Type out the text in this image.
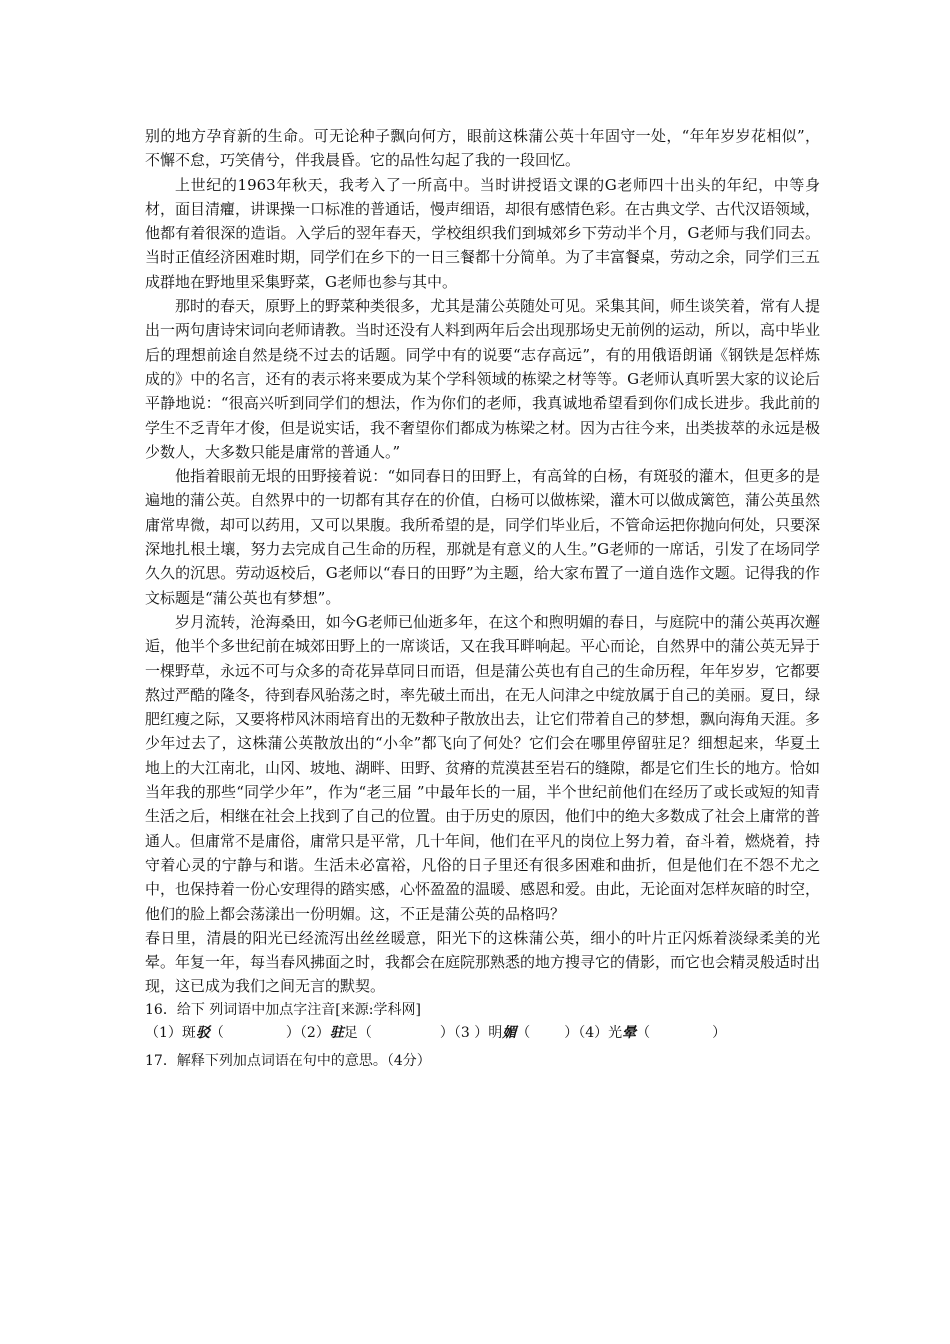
别的地方孕育新的生命。可无论种子飘向何方，眼前这株蒲公英十年固守一处，“年年岁岁花相似”，不懈不怠，巧笑倩兮，伴我晨昏。它的品性勾起了我的一段回忆。

上世纪的1963年秋天，我考入了一所高中。当时讲授语文课的G老师四十出头的年纪，中等身材，面目清癯，讲课操一口标准的普通话，慢声细语，却很有感情色彩。在古典文学、古代汉语领域，他都有着很深的造诣。入学后的翌年春天，学校组织我们到城郊乡下劳动半个月，G老师与我们同去。当时正值经济困难时期，同学们在乡下的一日三餐都十分简单。为了丰富餐桌，劳动之余，同学们三五成群地在野地里采集野菜，G老师也参与其中。

那时的春天，原野上的野菜种类很多，尤其是蒲公英随处可见。采集其间，师生谈笑着，常有人提出一两句唐诗宋词向老师请教。当时还没有人料到两年后会出现那场史无前例的运动，所以，高中毕业后的理想前途自然是绕不过去的话题。同学中有的说要“志存高远”，有的用俄语朗诵《钢铁是怎样炼成的》中的名言，还有的表示将来要成为某个学科领域的栋梁之材等等。G老师认真听罢大家的议论后平静地说：“很高兴听到同学们的想法，作为你们的老师，我真诚地希望看到你们成长进步。我此前的学生不乏青年才俊，但是说实话，我不奢望你们都成为栋梁之材。因为古往今来，出类拔萃的永远是极少数人，大多数只能是庸常的普通人。”

他指着眼前无垠的田野接着说：“如同春日的田野上，有高耸的白杨，有斑驳的灌木，但更多的是遍地的蒲公英。自然界中的一切都有其存在的价值，白杨可以做栋梁，灌木可以做成篱笆，蒲公英虽然庸常卑微，却可以药用，又可以果腹。我所希望的是，同学们毕业后，不管命运把你抛向何处，只要深深地扎根土壤，努力去完成自己生命的历程，那就是有意义的人生。”G老师的一席话，引发了在场同学久久的沉思。劳动返校后，G老师以“春日的田野”为主题，给大家布置了一道自选作文题。记得我的作文标题是“蒲公英也有梦想”。

岁月流转，沧海桑田，如今G老师已仙逝多年，在这个和煦明媚的春日，与庭院中的蒲公英再次邂逅，他半个多世纪前在城郊田野上的一席谈话，又在我耳畔响起。平心而论，自然界中的蒲公英无异于一棵野草，永远不可与众多的奇花异草同日而语，但是蒲公英也有自己的生命历程，年年岁岁，它都要熬过严酷的隆冬，待到春风骀荡之时，率先破土而出，在无人问津之中绽放属于自己的美丽。夏日，绿肥红瘦之际，又要将栉风沐雨培育出的无数种子散放出去，让它们带着自己的梦想，飘向海角天涯。多少年过去了，这株蒲公英散放出的“小伞”都飞向了何处？它们会在哪里停留驻足？细想起来，华夏土地上的大江南北，山冈、坡地、湖畔、田野、贫瘠的荒漠甚至岩石的缝隙，都是它们生长的地方。恰如当年我的那些“同学少年”，作为“老三届 ”中最年长的一届，半个世纪前他们在经历了或长或短的知青生活之后，相继在社会上找到了自己的位置。由于历史的原因，他们中的绝大多数成了社会上庸常的普通人。但庸常不是庸俗，庸常只是平常，几十年间，他们在平凡的岗位上努力着，奋斗着，燃烧着，持守着心灵的宁静与和谐。生活未必富裕，凡俗的日子里还有很多困难和曲折，但是他们在不怨不尤之中，也保持着一份心安理得的踏实感，心怀盈盈的温暖、感恩和爱。由此，无论面对怎样灰暗的时空，他们的脸上都会荡漾出一份明媚。这，不正是蒲公英的品格吗？

春日里，清晨的阳光已经流泻出丝丝暖意，阳光下的这株蒲公英，细小的叶片正闪烁着淡绿柔美的光晕。年复一年，每当春风拂面之时，我都会在庭院那熟悉的地方搜寻它的倩影，而它也会精灵般适时出现，这已成为我们之间无言的默契。

16．给下 列词语中加点字注音[来源:学科网]

（1）斑驳（	）（2）驻足（	）（3 ）明媚（ ）（4）光晕（	）

17．解释下列加点词语在句中的意思。（4分）
